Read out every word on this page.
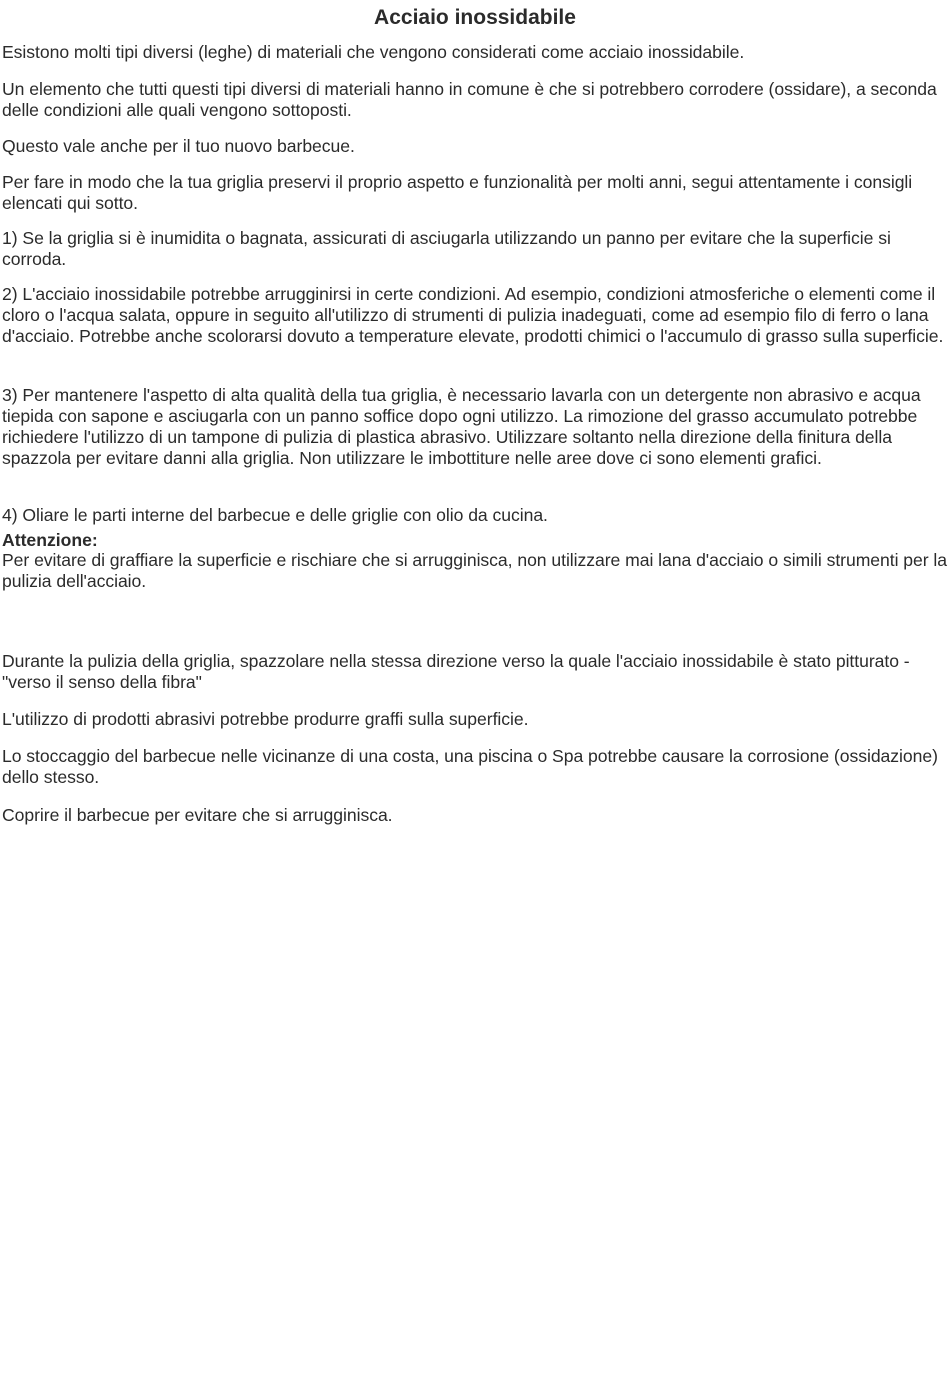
Acciaio inossidabile

Esistono molti tipi diversi (leghe) di materiali che vengono considerati come acciaio inossidabile.

Un elemento che tutti questi tipi diversi di materiali hanno in comune è che si potrebbero corrodere (ossidare), a seconda delle condizioni alle quali vengono sottoposti.

Questo vale anche per il tuo nuovo barbecue.

Per fare in modo che la tua griglia preservi il proprio aspetto e funzionalità per molti anni, segui attentamente i consigli elencati qui sotto.

1) Se la griglia si è inumidita o bagnata, assicurati di asciugarla utilizzando un panno per evitare che la superficie si corroda.

2) L'acciaio inossidabile potrebbe arrugginirsi in certe condizioni. Ad esempio, condizioni atmosferiche o elementi come il cloro o l'acqua salata, oppure in seguito all'utilizzo di strumenti di pulizia inadeguati, come ad esempio filo di ferro o lana d'acciaio. Potrebbe anche scolorarsi dovuto a temperature elevate, prodotti chimici o l'accumulo di grasso sulla superficie.

3) Per mantenere l'aspetto di alta qualità della tua griglia, è necessario lavarla con un detergente non abrasivo e acqua tiepida con sapone e asciugarla con un panno soffice dopo ogni utilizzo. La rimozione del grasso accumulato potrebbe richiedere l'utilizzo di un tampone di pulizia di plastica abrasivo. Utilizzare soltanto nella direzione della finitura della spazzola per evitare danni alla griglia. Non utilizzare le imbottiture nelle aree dove ci sono elementi grafici.

4) Oliare le parti interne del barbecue e delle griglie con olio da cucina.

Attenzione:

Per evitare di graffiare la superficie e rischiare che si arrugginisca, non utilizzare mai lana d'acciaio o simili strumenti per la pulizia dell'acciaio.

Durante la pulizia della griglia, spazzolare nella stessa direzione verso la quale l'acciaio inossidabile è stato pitturato - "verso il senso della fibra"

L'utilizzo di prodotti abrasivi potrebbe produrre graffi sulla superficie.

Lo stoccaggio del barbecue nelle vicinanze di una costa, una piscina o Spa potrebbe causare la corrosione (ossidazione) dello stesso.

Coprire il barbecue per evitare che si arrugginisca.
